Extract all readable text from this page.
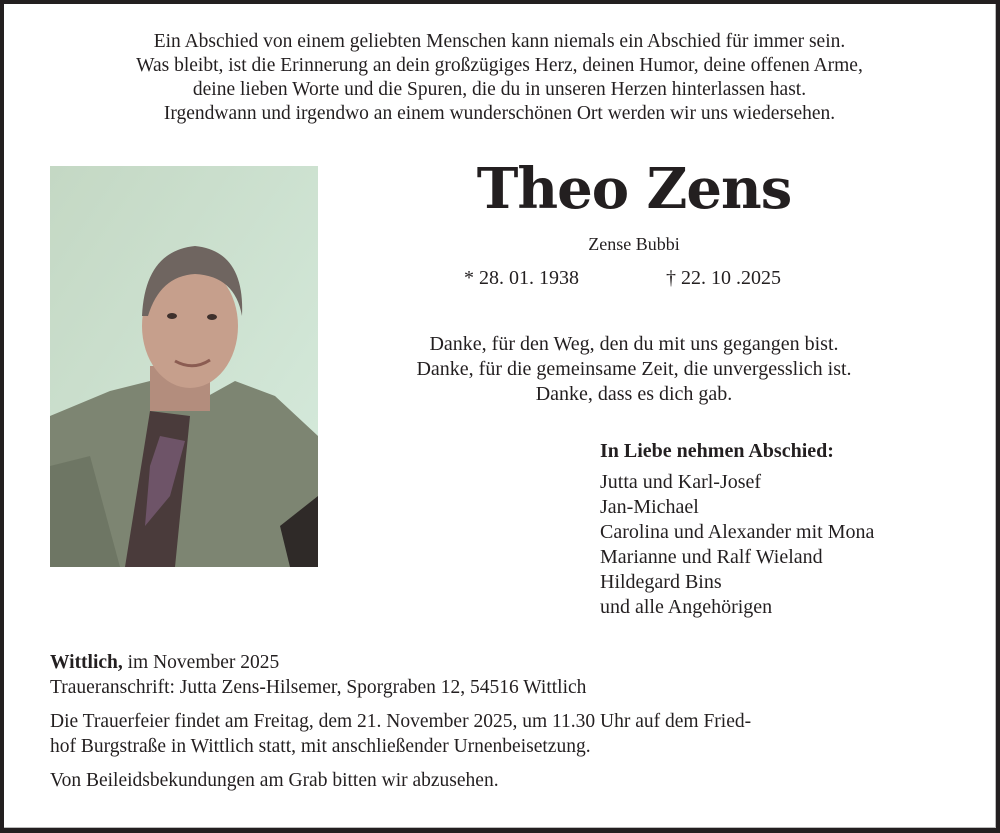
Ein Abschied von einem geliebten Menschen kann niemals ein Abschied für immer sein.
Was bleibt, ist die Erinnerung an dein großzügiges Herz, deinen Humor, deine offenen Arme,
deine lieben Worte und die Spuren, die du in unseren Herzen hinterlassen hast.
Irgendwann und irgendwo an einem wunderschönen Ort werden wir uns wiedersehen.
Theo Zens
Zense Bubbi
* 28. 01. 1938	† 22. 10 .2025
Danke, für den Weg, den du mit uns gegangen bist.
Danke, für die gemeinsame Zeit, die unvergesslich ist.
Danke, dass es dich gab.
In Liebe nehmen Abschied:
Jutta und Karl-Josef
Jan-Michael
Carolina und Alexander mit Mona
Marianne und Ralf Wieland
Hildegard Bins
und alle Angehörigen
Wittlich, im November 2025
Traueranschrift: Jutta Zens-Hilsemer, Sporgraben 12, 54516 Wittlich
Die Trauerfeier findet am Freitag, dem 21. November 2025, um 11.30 Uhr auf dem Fried-
hof Burgstraße in Wittlich statt, mit anschließender Urnenbeisetzung.
Von Beileidsbekundungen am Grab bitten wir abzusehen.
